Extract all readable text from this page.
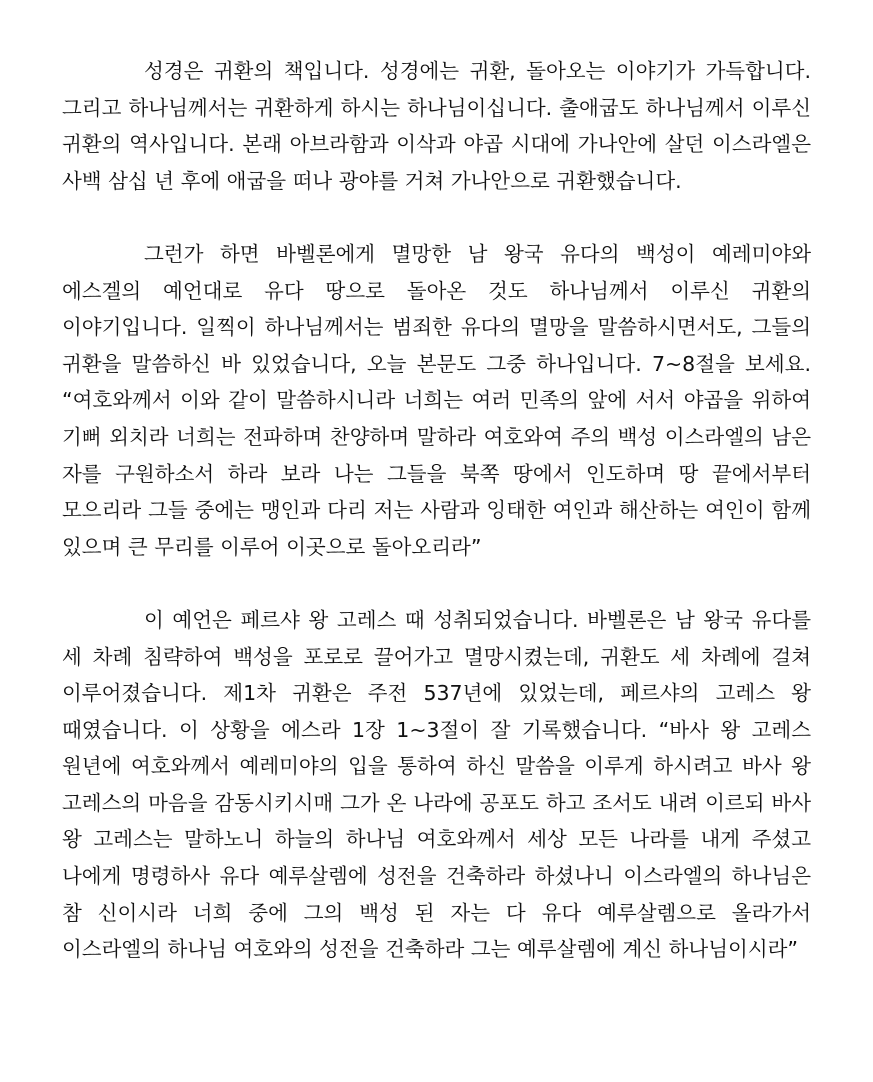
성경은 귀환의 책입니다. 성경에는 귀환, 돌아오는 이야기가 가득합니다. 그리고 하나님께서는 귀환하게 하시는 하나님이십니다. 출애굽도 하나님께서 이루신 귀환의 역사입니다. 본래 아브라함과 이삭과 야곱 시대에 가나안에 살던 이스라엘은 사백 삼십 년 후에 애굽을 떠나 광야를 거쳐 가나안으로 귀환했습니다.

그런가 하면 바벨론에게 멸망한 남 왕국 유다의 백성이 예레미야와 에스겔의 예언대로 유다 땅으로 돌아온 것도 하나님께서 이루신 귀환의 이야기입니다. 일찍이 하나님께서는 범죄한 유다의 멸망을 말씀하시면서도, 그들의 귀환을 말씀하신 바 있었습니다, 오늘 본문도 그중 하나입니다. 7~8절을 보세요. “여호와께서 이와 같이 말씀하시니라 너희는 여러 민족의 앞에 서서 야곱을 위하여 기뻐 외치라 너희는 전파하며 찬양하며 말하라 여호와여 주의 백성 이스라엘의 남은 자를 구원하소서 하라 보라 나는 그들을 북쪽 땅에서 인도하며 땅 끝에서부터 모으리라 그들 중에는 맹인과 다리 저는 사람과 잉태한 여인과 해산하는 여인이 함께 있으며 큰 무리를 이루어 이곳으로 돌아오리라”

이 예언은 페르샤 왕 고레스 때 성취되었습니다. 바벨론은 남 왕국 유다를 세 차례 침략하여 백성을 포로로 끌어가고 멸망시켰는데, 귀환도 세 차례에 걸쳐 이루어졌습니다. 제1차 귀환은 주전 537년에 있었는데, 페르샤의 고레스 왕 때였습니다. 이 상황을 에스라 1장 1~3절이 잘 기록했습니다. “바사 왕 고레스 원년에 여호와께서 예레미야의 입을 통하여 하신 말씀을 이루게 하시려고 바사 왕 고레스의 마음을 감동시키시매 그가 온 나라에 공포도 하고 조서도 내려 이르되 바사 왕 고레스는 말하노니 하늘의 하나님 여호와께서 세상 모든 나라를 내게 주셨고 나에게 명령하사 유다 예루살렘에 성전을 건축하라 하셨나니 이스라엘의 하나님은 참 신이시라 너희 중에 그의 백성 된 자는 다 유다 예루살렘으로 올라가서 이스라엘의 하나님 여호와의 성전을 건축하라 그는 예루살렘에 계신 하나님이시라”
